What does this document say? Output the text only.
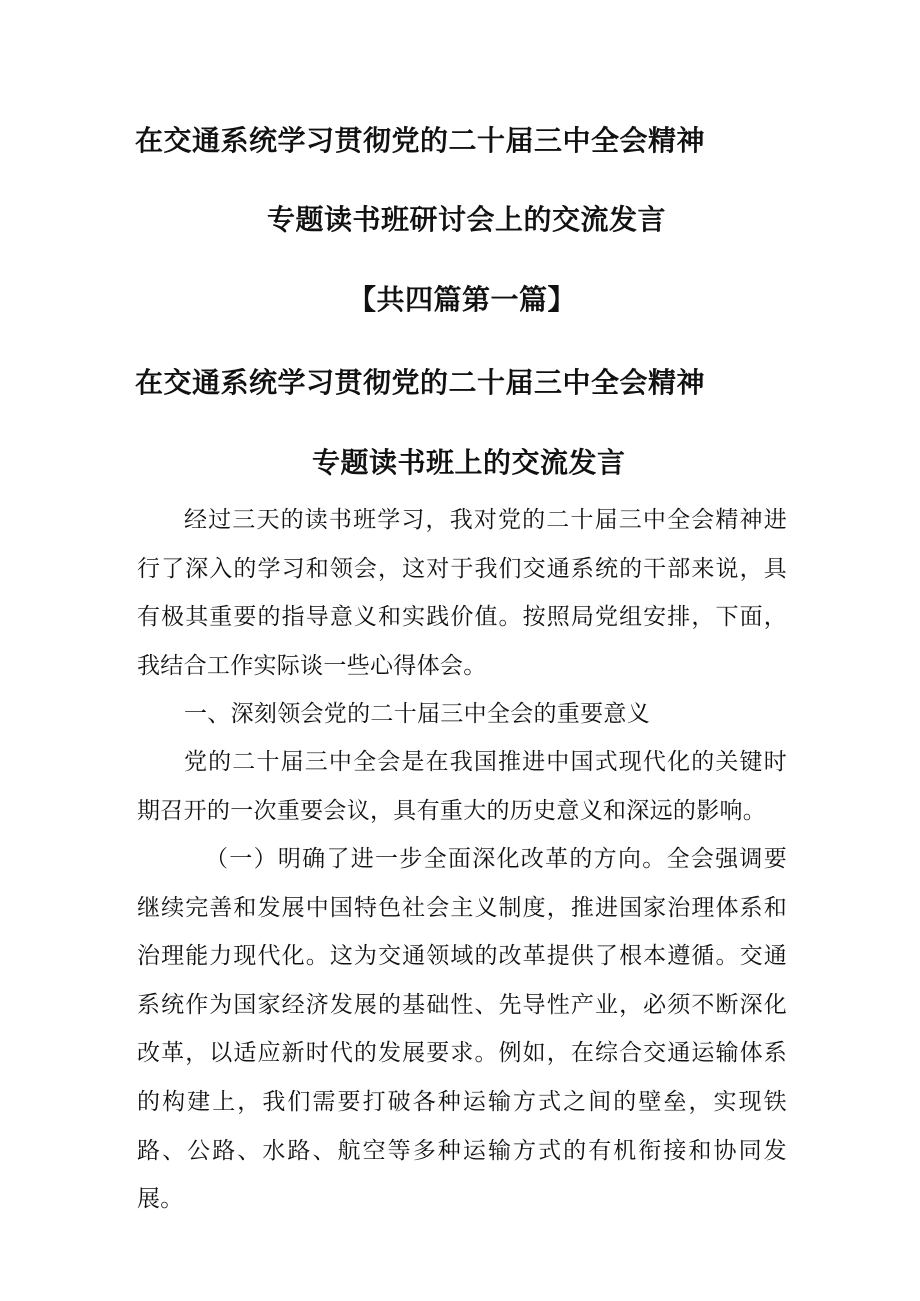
在交通系统学习贯彻党的二十届三中全会精神
专题读书班研讨会上的交流发言
【共四篇第一篇】
在交通系统学习贯彻党的二十届三中全会精神
专题读书班上的交流发言

经过三天的读书班学习，我对党的二十届三中全会精神进行了深入的学习和领会，这对于我们交通系统的干部来说，具有极其重要的指导意义和实践价值。按照局党组安排，下面，我结合工作实际谈一些心得体会。

一、深刻领会党的二十届三中全会的重要意义

党的二十届三中全会是在我国推进中国式现代化的关键时期召开的一次重要会议，具有重大的历史意义和深远的影响。

（一）明确了进一步全面深化改革的方向。全会强调要继续完善和发展中国特色社会主义制度，推进国家治理体系和治理能力现代化。这为交通领域的改革提供了根本遵循。交通系统作为国家经济发展的基础性、先导性产业，必须不断深化改革，以适应新时代的发展要求。例如，在综合交通运输体系的构建上，我们需要打破各种运输方式之间的壁垒，实现铁路、公路、水路、航空等多种运输方式的有机衔接和协同发展。
